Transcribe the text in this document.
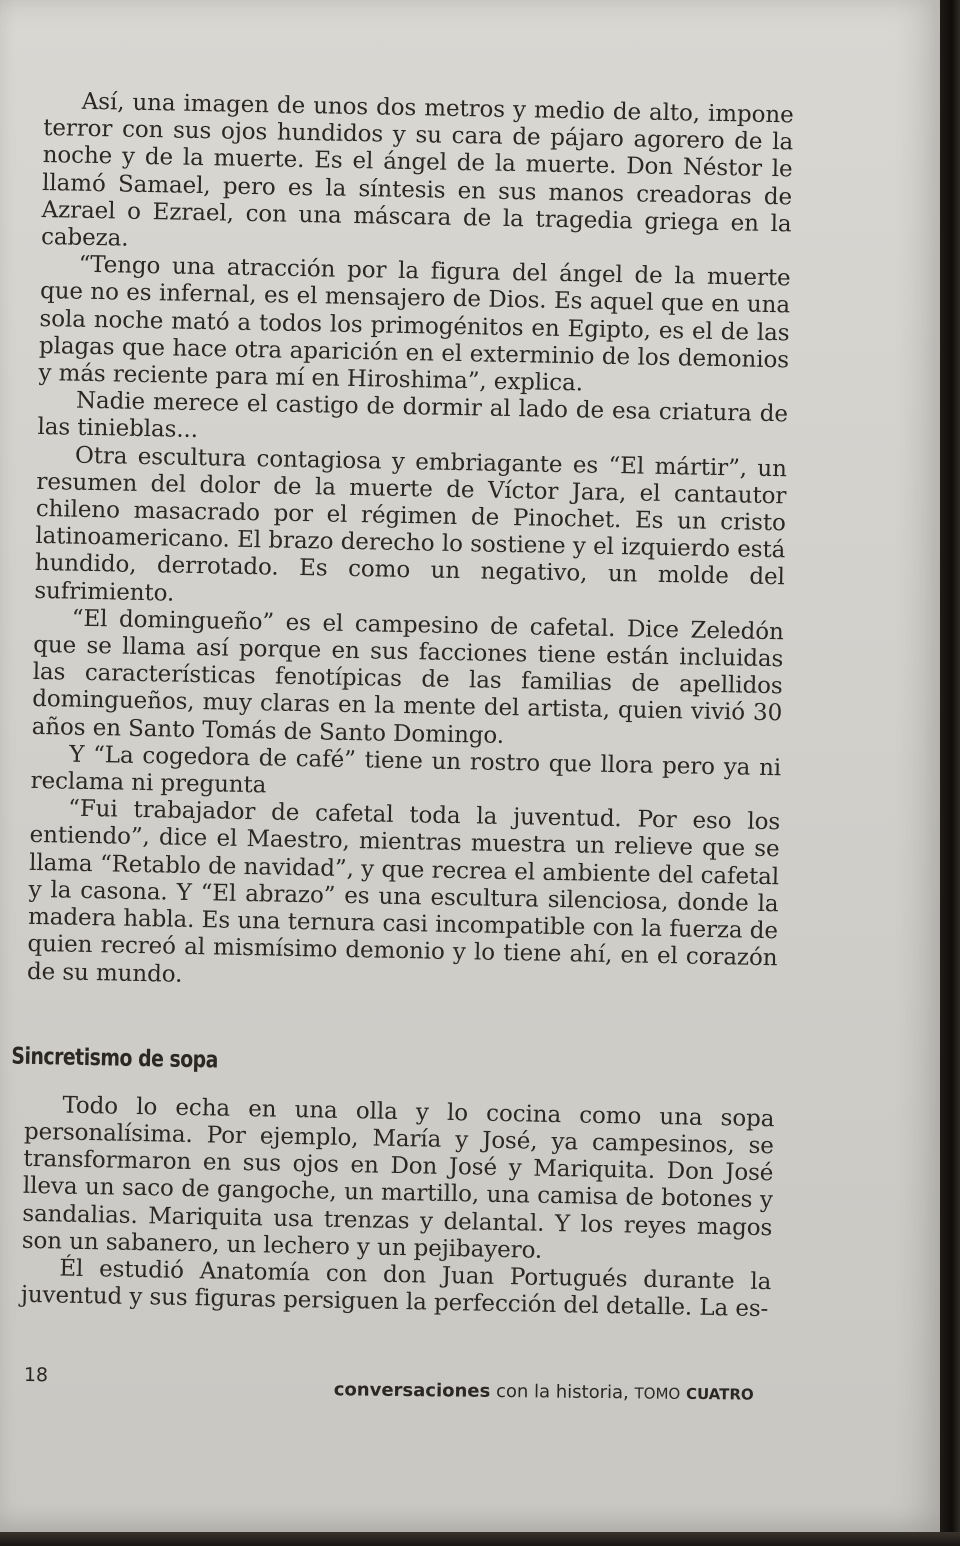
Así, una imagen de unos dos metros y medio de alto, impone terror con sus ojos hundidos y su cara de pájaro agorero de la noche y de la muerte. Es el ángel de la muerte. Don Néstor le llamó Samael, pero es la síntesis en sus manos creadoras de Azrael o Ezrael, con una máscara de la tragedia griega en la cabeza.

“Tengo una atracción por la figura del ángel de la muerte que no es infernal, es el mensajero de Dios. Es aquel que en una sola noche mató a todos los primogénitos en Egipto, es el de las plagas que hace otra aparición en el exterminio de los demonios y más reciente para mí en Hiroshima”, explica.

Nadie merece el castigo de dormir al lado de esa criatura de las tinieblas...

Otra escultura contagiosa y embriagante es “El mártir”, un resumen del dolor de la muerte de Víctor Jara, el cantautor chileno masacrado por el régimen de Pinochet. Es un cristo latinoamericano. El brazo derecho lo sostiene y el izquierdo está hundido, derrotado. Es como un negativo, un molde del sufrimiento.

“El domingueño” es el campesino de cafetal. Dice Zeledón que se llama así porque en sus facciones tiene están incluidas las características fenotípicas de las familias de apellidos domingueños, muy claras en la mente del artista, quien vivió 30 años en Santo Tomás de Santo Domingo.

Y “La cogedora de café” tiene un rostro que llora pero ya ni reclama ni pregunta

“Fui trabajador de cafetal toda la juventud. Por eso los entiendo”, dice el Maestro, mientras muestra un relieve que se llama “Retablo de navidad”, y que recrea el ambiente del cafetal y la casona. Y “El abrazo” es una escultura silenciosa, donde la madera habla. Es una ternura casi incompatible con la fuerza de quien recreó al mismísimo demonio y lo tiene ahí, en el corazón de su mundo.

Sincretismo de sopa

Todo lo echa en una olla y lo cocina como una sopa personalísima. Por ejemplo, María y José, ya campesinos, se transformaron en sus ojos en Don José y Mariquita. Don José lleva un saco de gangoche, un martillo, una camisa de botones y sandalias. Mariquita usa trenzas y delantal. Y los reyes magos son un sabanero, un lechero y un pejibayero.

Él estudió Anatomía con don Juan Portugués durante la juventud y sus figuras persiguen la perfección del detalle. La es-

18
conversaciones con la historia, TOMO CUATRO
